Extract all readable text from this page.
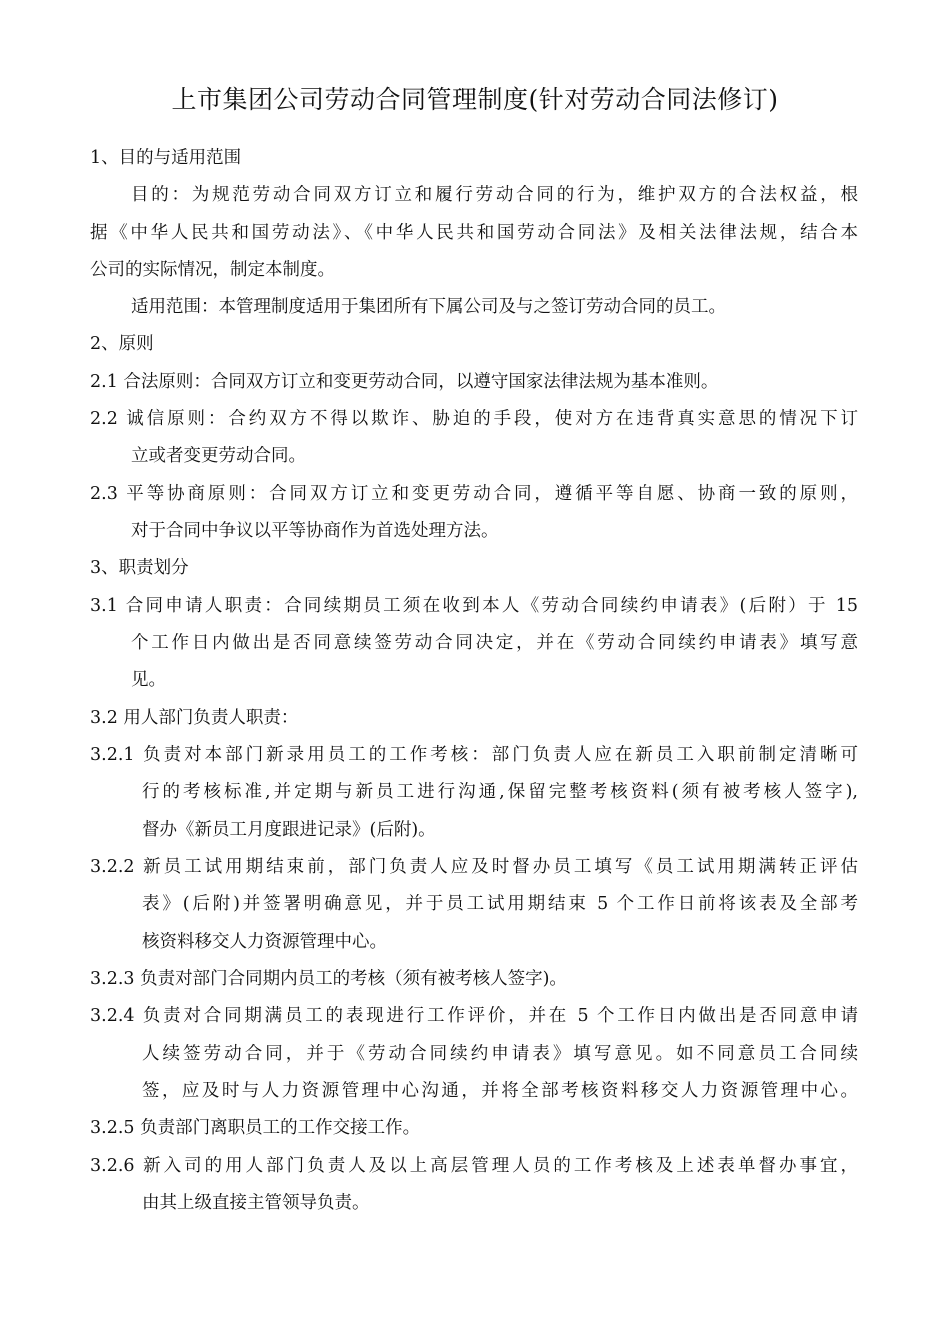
上市集团公司劳动合同管理制度(针对劳动合同法修订)
1、目的与适用范围
目的：为规范劳动合同双方订立和履行劳动合同的行为，维护双方的合法权益，根
据《中华人民共和国劳动法》、《中华人民共和国劳动合同法》及相关法律法规，结合本
公司的实际情况，制定本制度。
适用范围：本管理制度适用于集团所有下属公司及与之签订劳动合同的员工。
2、原则
2.1 合法原则：合同双方订立和变更劳动合同，以遵守国家法律法规为基本准则。
2.2 诚信原则：合约双方不得以欺诈、胁迫的手段，使对方在违背真实意思的情况下订
立或者变更劳动合同。
2.3 平等协商原则：合同双方订立和变更劳动合同，遵循平等自愿、协商一致的原则，
对于合同中争议以平等协商作为首选处理方法。
3、职责划分
3.1 合同申请人职责：合同续期员工须在收到本人《劳动合同续约申请表》(后附）于 15
个工作日内做出是否同意续签劳动合同决定，并在《劳动合同续约申请表》填写意
见。
3.2 用人部门负责人职责：
3.2.1 负责对本部门新录用员工的工作考核：部门负责人应在新员工入职前制定清晰可
行的考核标准,并定期与新员工进行沟通,保留完整考核资料(须有被考核人签字),
督办《新员工月度跟进记录》(后附)。
3.2.2 新员工试用期结束前，部门负责人应及时督办员工填写《员工试用期满转正评估
表》(后附)并签署明确意见，并于员工试用期结束 5 个工作日前将该表及全部考
核资料移交人力资源管理中心。
3.2.3 负责对部门合同期内员工的考核（须有被考核人签字)。
3.2.4 负责对合同期满员工的表现进行工作评价，并在 5 个工作日内做出是否同意申请
人续签劳动合同，并于《劳动合同续约申请表》填写意见。如不同意员工合同续
签，应及时与人力资源管理中心沟通，并将全部考核资料移交人力资源管理中心。
3.2.5 负责部门离职员工的工作交接工作。
3.2.6 新入司的用人部门负责人及以上高层管理人员的工作考核及上述表单督办事宜，
由其上级直接主管领导负责。
